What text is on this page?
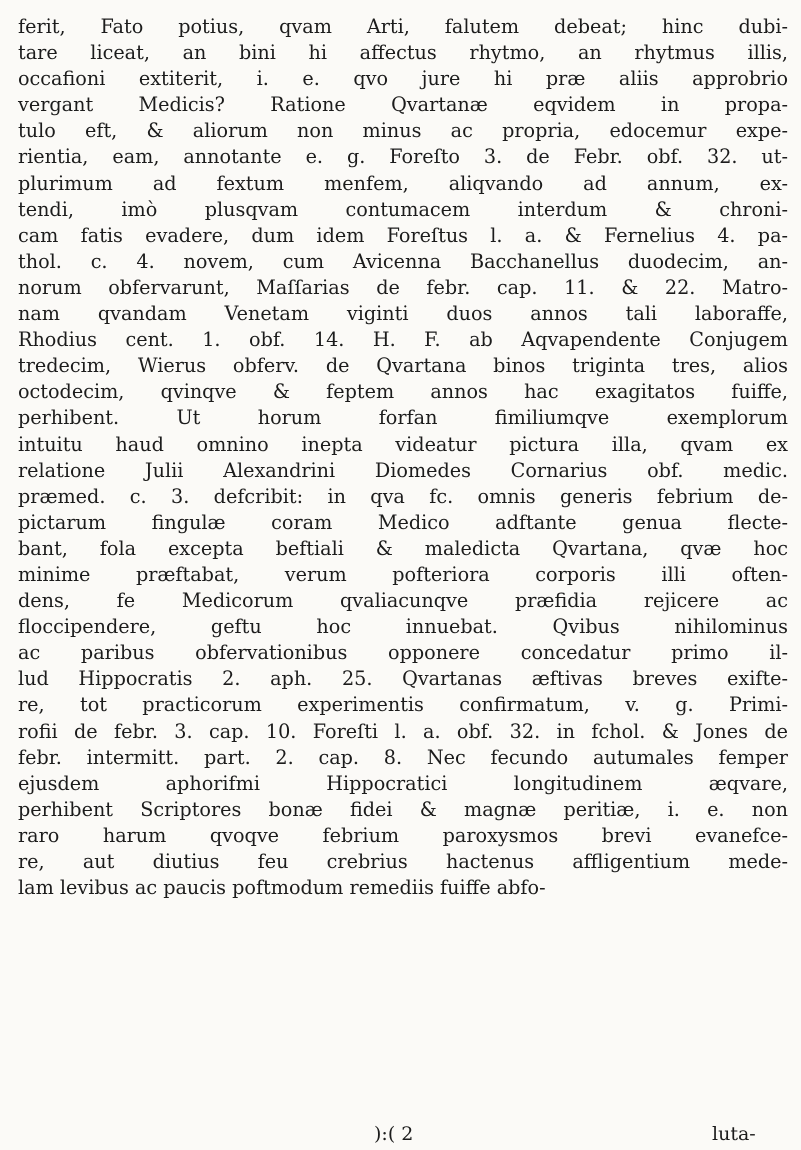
ferit, Fato potius, qvam Arti, falutem debeat; hinc dubi-
tare liceat, an bini hi affectus rhytmo, an rhytmus illis,
occafioni extiterit, i. e. qvo jure hi præ aliis approbrio
vergant Medicis? Ratione Qvartanæ eqvidem in propa-
tulo eft, & aliorum non minus ac propria, edocemur expe-
rientia, eam, annotante e. g. Foreſto 3. de Febr. obf. 32. ut-
plurimum ad fextum menfem, aliqvando ad annum, ex-
tendi, imò plusqvam contumacem interdum & chroni-
cam fatis evadere, dum idem Foreſtus l. a. & Fernelius 4. pa-
thol. c. 4. novem, cum Avicenna Bacchanellus duodecim, an-
norum obfervarunt, Maſſarias de febr. cap. 11. & 22. Matro-
nam qvandam Venetam viginti duos annos tali laboraffe,
Rhodius cent. 1. obf. 14. H. F. ab Aqvapendente Conjugem
tredecim, Wierus obferv. de Qvartana binos triginta tres, alios
octodecim, qvinqve & feptem annos hac exagitatos fuiffe,
perhibent. Ut horum forfan fimiliumqve exemplorum
intuitu haud omnino inepta videatur pictura illa, qvam ex
relatione Julii Alexandrini Diomedes Cornarius obf. medic.
præmed. c. 3. defcribit: in qva fc. omnis generis febrium de-
pictarum fingulæ coram Medico adftante genua flecte-
bant, fola excepta beftiali & maledicta Qvartana, qvæ hoc
minime præftabat, verum pofteriora corporis illi often-
dens, fe Medicorum qvaliacunqve præfidia rejicere ac
floccipendere, geftu hoc innuebat. Qvibus nihilominus
ac paribus obfervationibus opponere concedatur primo il-
lud Hippocratis 2. aph. 25. Qvartanas æftivas breves exifte-
re, tot practicorum experimentis confirmatum, v. g. Primi-
rofii de febr. 3. cap. 10. Foreſti l. a. obf. 32. in fchol. & Jones de
febr. intermitt. part. 2. cap. 8. Nec fecundo autumales femper
ejusdem aphorifmi Hippocratici longitudinem æqvare,
perhibent Scriptores bonæ fidei & magnæ peritiæ, i. e. non
raro harum qvoqve febrium paroxysmos brevi evanefce-
re, aut diutius feu crebrius hactenus affligentium mede-
lam levibus ac paucis poftmodum remediis fuiffe abfo-
):( 2	luta-
